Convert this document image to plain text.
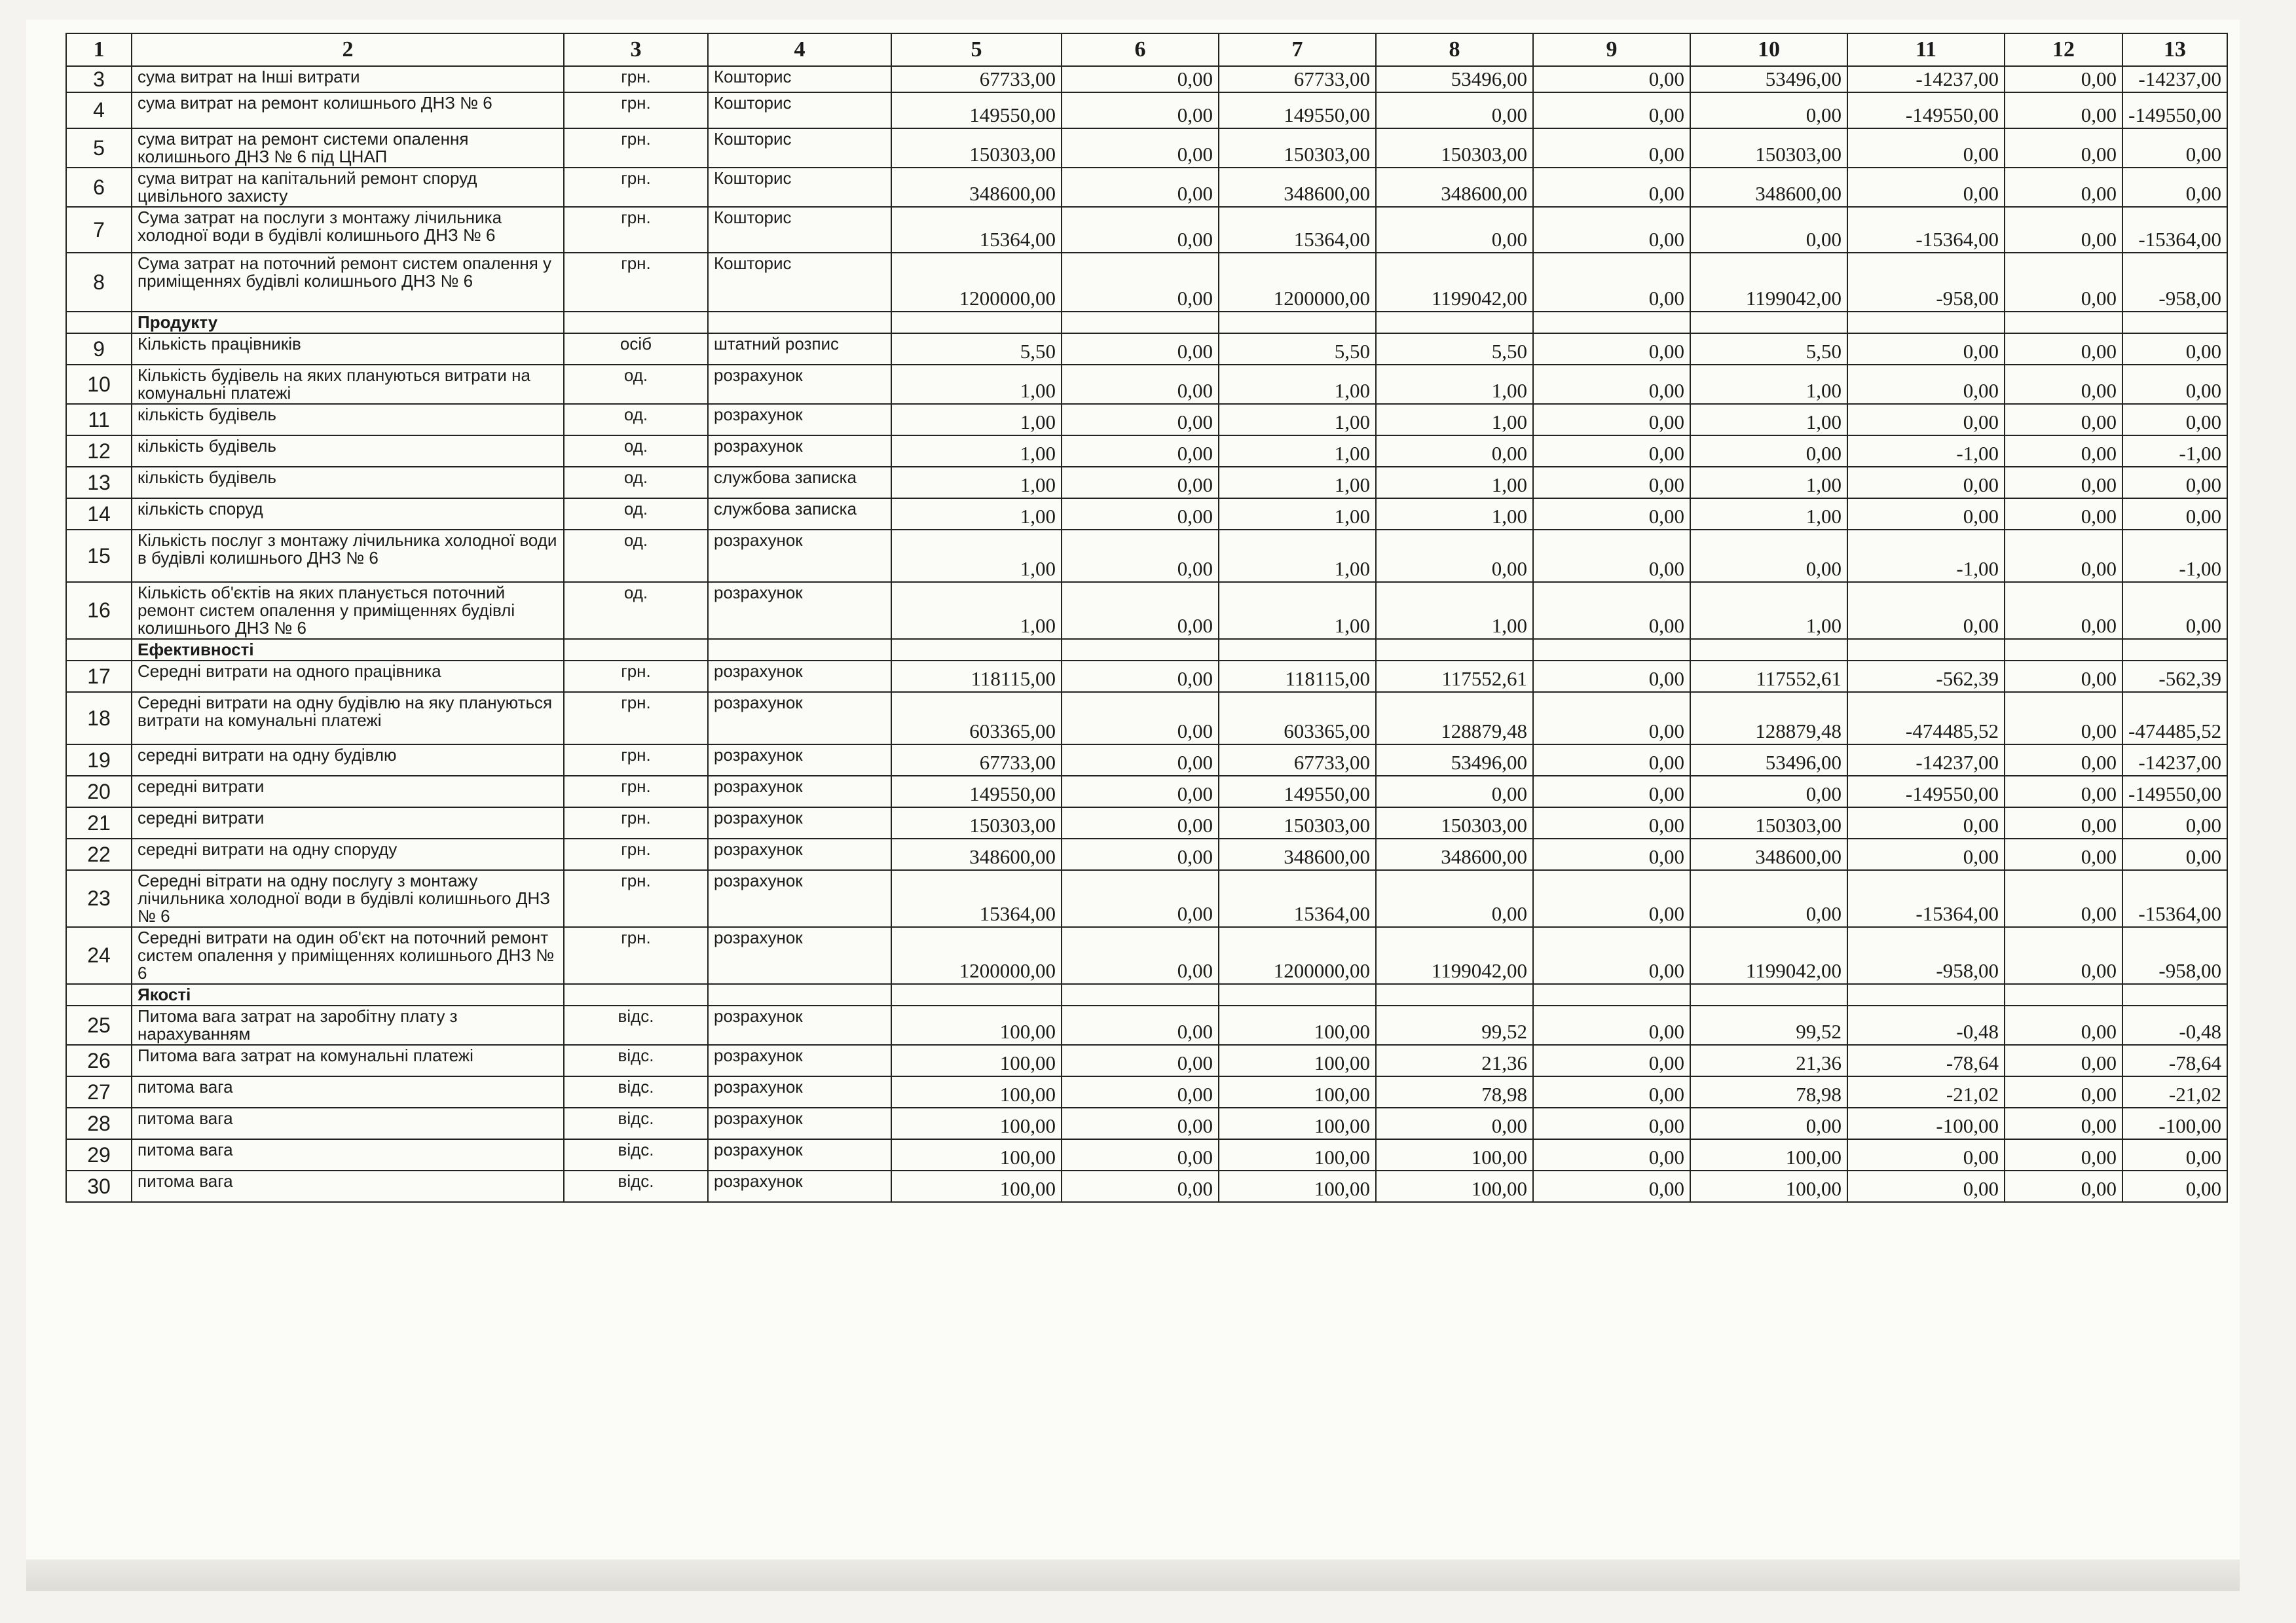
1	2	3	4	5	6	7	8	9	10	11	12	13
3	сума витрат на Інші витрати	грн.	Кошторис	67733,00	0,00	67733,00	53496,00	0,00	53496,00	-14237,00	0,00	-14237,00
4	сума витрат на ремонт колишнього ДНЗ № 6	грн.	Кошторис	149550,00	0,00	149550,00	0,00	0,00	0,00	-149550,00	0,00	-149550,00
5	сума витрат на ремонт системи опалення колишнього ДНЗ № 6 під ЦНАП	грн.	Кошторис	150303,00	0,00	150303,00	150303,00	0,00	150303,00	0,00	0,00	0,00
6	сума витрат на капітальний ремонт споруд цивільного захисту	грн.	Кошторис	348600,00	0,00	348600,00	348600,00	0,00	348600,00	0,00	0,00	0,00
7	Сума затрат на послуги з монтажу лічильника холодної води в будівлі колишнього ДНЗ № 6	грн.	Кошторис	15364,00	0,00	15364,00	0,00	0,00	0,00	-15364,00	0,00	-15364,00
8	Сума затрат на поточний ремонт систем опалення у приміщеннях будівлі колишнього ДНЗ № 6	грн.	Кошторис	1200000,00	0,00	1200000,00	1199042,00	0,00	1199042,00	-958,00	0,00	-958,00
	Продукту											
9	Кількість працівників	осіб	штатний розпис	5,50	0,00	5,50	5,50	0,00	5,50	0,00	0,00	0,00
10	Кількість будівель на яких плануються витрати на комунальні платежі	од.	розрахунок	1,00	0,00	1,00	1,00	0,00	1,00	0,00	0,00	0,00
11	кількість будівель	од.	розрахунок	1,00	0,00	1,00	1,00	0,00	1,00	0,00	0,00	0,00
12	кількість будівель	од.	розрахунок	1,00	0,00	1,00	0,00	0,00	0,00	-1,00	0,00	-1,00
13	кількість будівель	од.	службова записка	1,00	0,00	1,00	1,00	0,00	1,00	0,00	0,00	0,00
14	кількість споруд	од.	службова записка	1,00	0,00	1,00	1,00	0,00	1,00	0,00	0,00	0,00
15	Кількість послуг з монтажу лічильника холодної води в будівлі колишнього ДНЗ № 6	од.	розрахунок	1,00	0,00	1,00	0,00	0,00	0,00	-1,00	0,00	-1,00
16	Кількість об'єктів на яких планується поточний ремонт систем опалення у приміщеннях будівлі колишнього ДНЗ № 6	од.	розрахунок	1,00	0,00	1,00	1,00	0,00	1,00	0,00	0,00	0,00
	Ефективності											
17	Середні витрати на одного працівника	грн.	розрахунок	118115,00	0,00	118115,00	117552,61	0,00	117552,61	-562,39	0,00	-562,39
18	Середні витрати на одну будівлю на яку плануються витрати на комунальні платежі	грн.	розрахунок	603365,00	0,00	603365,00	128879,48	0,00	128879,48	-474485,52	0,00	-474485,52
19	середні витрати на одну будівлю	грн.	розрахунок	67733,00	0,00	67733,00	53496,00	0,00	53496,00	-14237,00	0,00	-14237,00
20	середні витрати	грн.	розрахунок	149550,00	0,00	149550,00	0,00	0,00	0,00	-149550,00	0,00	-149550,00
21	середні витрати	грн.	розрахунок	150303,00	0,00	150303,00	150303,00	0,00	150303,00	0,00	0,00	0,00
22	середні витрати на одну споруду	грн.	розрахунок	348600,00	0,00	348600,00	348600,00	0,00	348600,00	0,00	0,00	0,00
23	Середні вітрати на одну послугу з монтажу лічильника холодної води в будівлі колишнього ДНЗ № 6	грн.	розрахунок	15364,00	0,00	15364,00	0,00	0,00	0,00	-15364,00	0,00	-15364,00
24	Середні витрати на один об'єкт на поточний ремонт систем опалення у приміщеннях колишнього ДНЗ № 6	грн.	розрахунок	1200000,00	0,00	1200000,00	1199042,00	0,00	1199042,00	-958,00	0,00	-958,00
	Якості											
25	Питома вага затрат на заробітну плату з нарахуванням	відс.	розрахунок	100,00	0,00	100,00	99,52	0,00	99,52	-0,48	0,00	-0,48
26	Питома вага затрат на комунальні платежі	відс.	розрахунок	100,00	0,00	100,00	21,36	0,00	21,36	-78,64	0,00	-78,64
27	питома вага	відс.	розрахунок	100,00	0,00	100,00	78,98	0,00	78,98	-21,02	0,00	-21,02
28	питома вага	відс.	розрахунок	100,00	0,00	100,00	0,00	0,00	0,00	-100,00	0,00	-100,00
29	питома вага	відс.	розрахунок	100,00	0,00	100,00	100,00	0,00	100,00	0,00	0,00	0,00
30	питома вага	відс.	розрахунок	100,00	0,00	100,00	100,00	0,00	100,00	0,00	0,00	0,00
